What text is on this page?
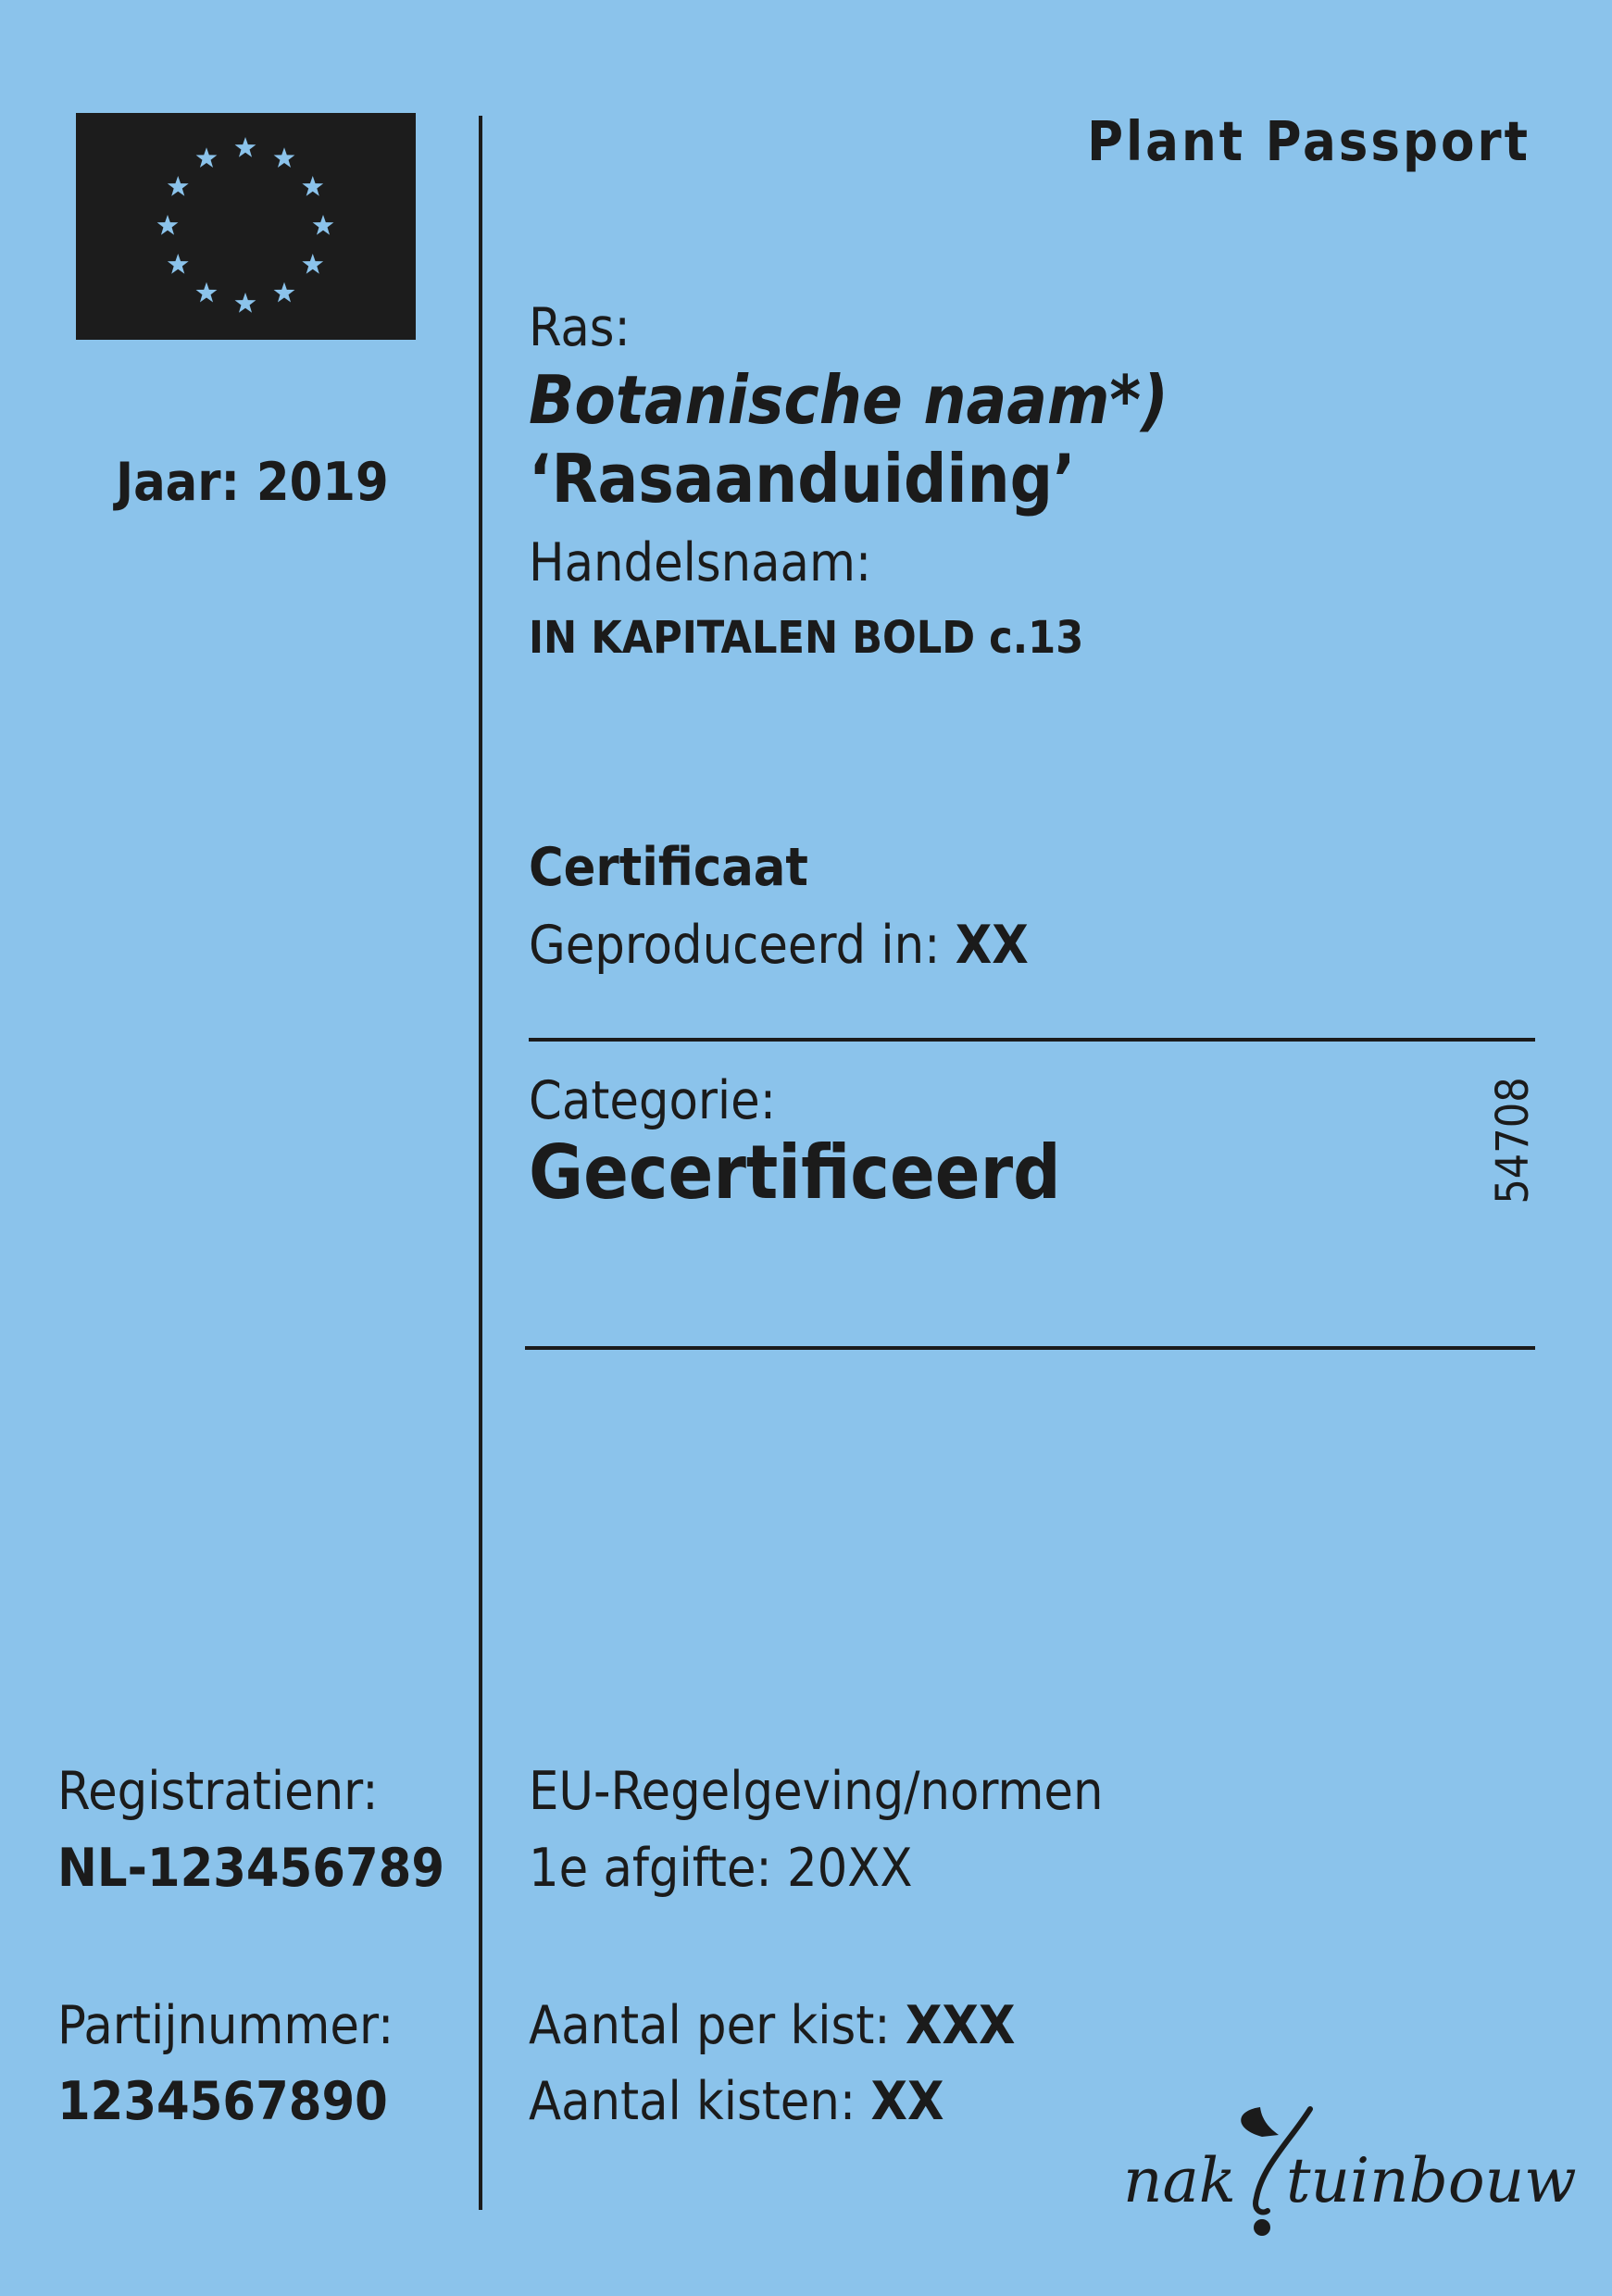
Plant Passport
Jaar: 2019
Ras:
Botanische naam*)
‘Rasaanduiding’
Handelsnaam:
IN KAPITALEN BOLD c.13
Certificaat
Geproduceerd in: XX
Categorie:
Gecertificeerd	54708
Registratienr:
NL-123456789
Partijnummer:
1234567890
EU-Regelgeving/normen
1e afgifte: 20XX
Aantal per kist: XXX
Aantal kisten: XX
nak tuinbouw
